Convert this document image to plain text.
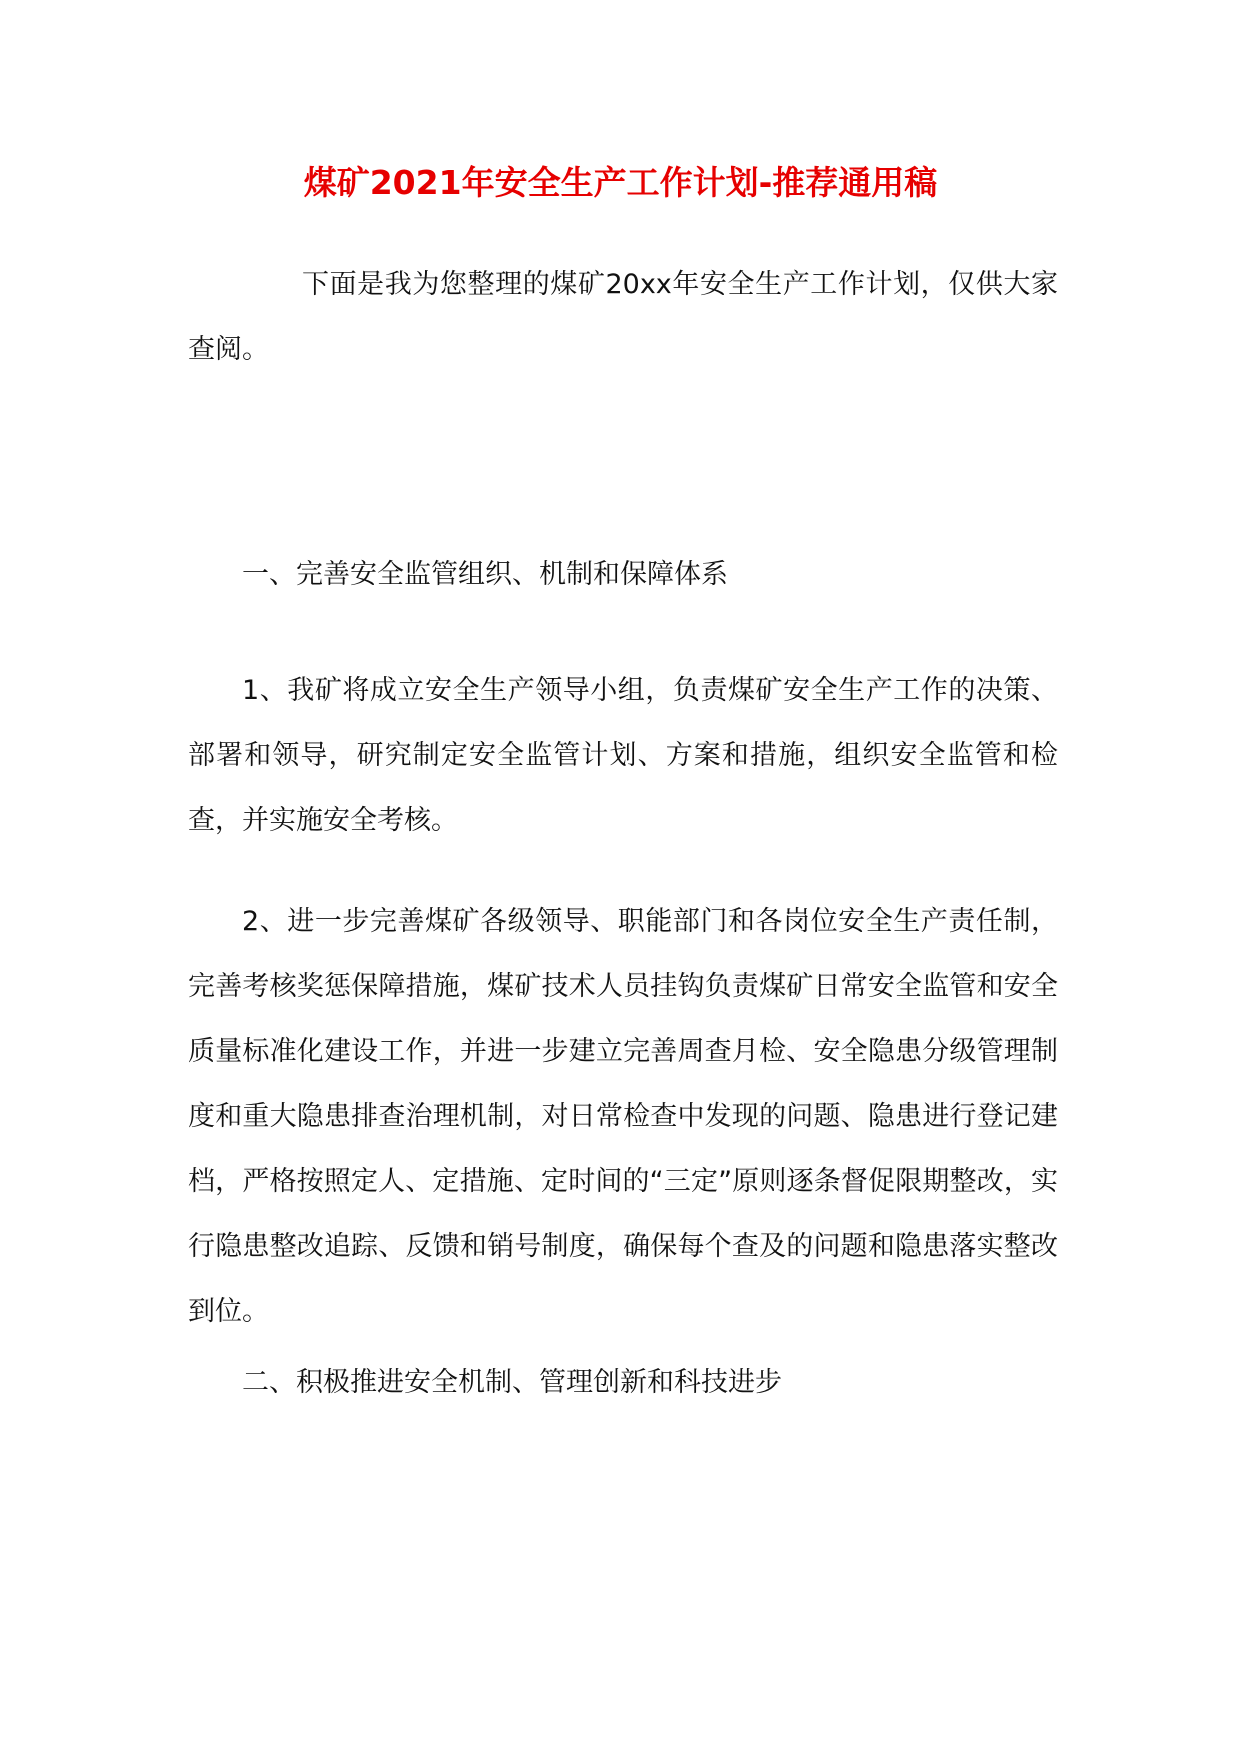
煤矿2021年安全生产工作计划-推荐通用稿

下面是我为您整理的煤矿20xx年安全生产工作计划，仅供大家查阅。

一、完善安全监管组织、机制和保障体系

1、我矿将成立安全生产领导小组，负责煤矿安全生产工作的决策、部署和领导，研究制定安全监管计划、方案和措施，组织安全监管和检查，并实施安全考核。

2、进一步完善煤矿各级领导、职能部门和各岗位安全生产责任制，完善考核奖惩保障措施，煤矿技术人员挂钩负责煤矿日常安全监管和安全质量标准化建设工作，并进一步建立完善周查月检、安全隐患分级管理制度和重大隐患排查治理机制，对日常检查中发现的问题、隐患进行登记建档，严格按照定人、定措施、定时间的“三定”原则逐条督促限期整改，实行隐患整改追踪、反馈和销号制度，确保每个查及的问题和隐患落实整改到位。

二、积极推进安全机制、管理创新和科技进步
